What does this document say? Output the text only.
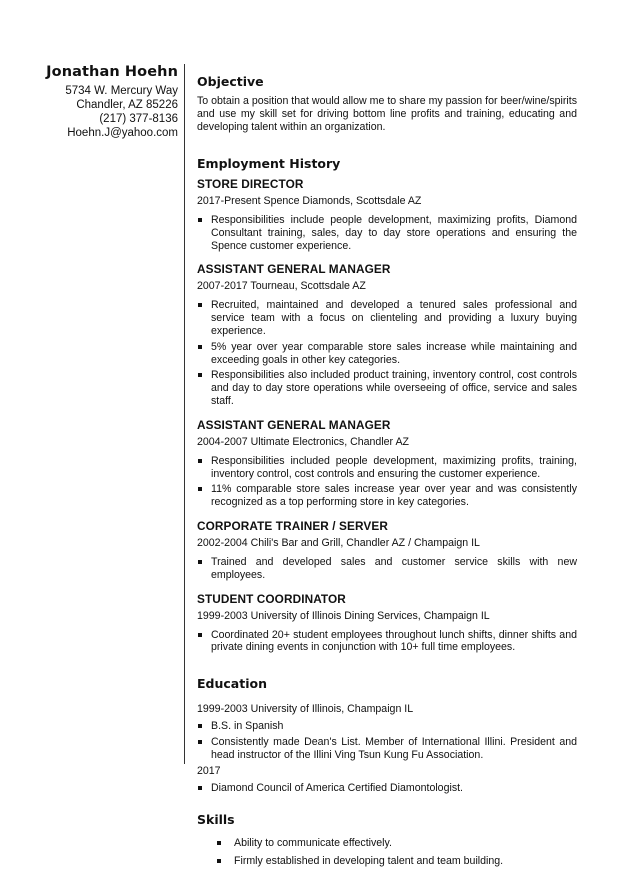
Jonathan Hoehn
5734 W. Mercury Way
Chandler, AZ 85226
(217) 377-8136
Hoehn.J@yahoo.com
Objective

To obtain a position that would allow me to share my passion for beer/wine/spirits and use my skill set for driving bottom line profits and training, educating and developing talent within an organization.

Employment History
STORE DIRECTOR
2017-Present Spence Diamonds, Scottsdale AZ
Responsibilities include people development, maximizing profits, Diamond Consultant training, sales, day to day store operations and ensuring the Spence customer experience.
ASSISTANT GENERAL MANAGER
2007-2017 Tourneau, Scottsdale AZ
Recruited, maintained and developed a tenured sales professional and service team with a focus on clienteling and providing a luxury buying experience.
5% year over year comparable store sales increase while maintaining and exceeding goals in other key categories.
Responsibilities also included product training, inventory control, cost controls and day to day store operations while overseeing of office, service and sales staff.
ASSISTANT GENERAL MANAGER
2004-2007 Ultimate Electronics, Chandler AZ
Responsibilities included people development, maximizing profits, training, inventory control, cost controls and ensuring the customer experience.
11% comparable store sales increase year over year and was consistently recognized as a top performing store in key categories.
CORPORATE TRAINER / SERVER
2002-2004 Chili's Bar and Grill, Chandler AZ / Champaign IL
Trained and developed sales and customer service skills with new employees.
STUDENT COORDINATOR
1999-2003 University of Illinois Dining Services, Champaign IL
Coordinated 20+ student employees throughout lunch shifts, dinner shifts and private dining events in conjunction with 10+ full time employees.
Education
1999-2003 University of Illinois, Champaign IL
B.S. in Spanish
Consistently made Dean's List. Member of International Illini. President and head instructor of the Illini Ving Tsun Kung Fu Association.
2017
Diamond Council of America Certified Diamontologist.
Skills
Ability to communicate effectively.
Firmly established in developing talent and team building.
